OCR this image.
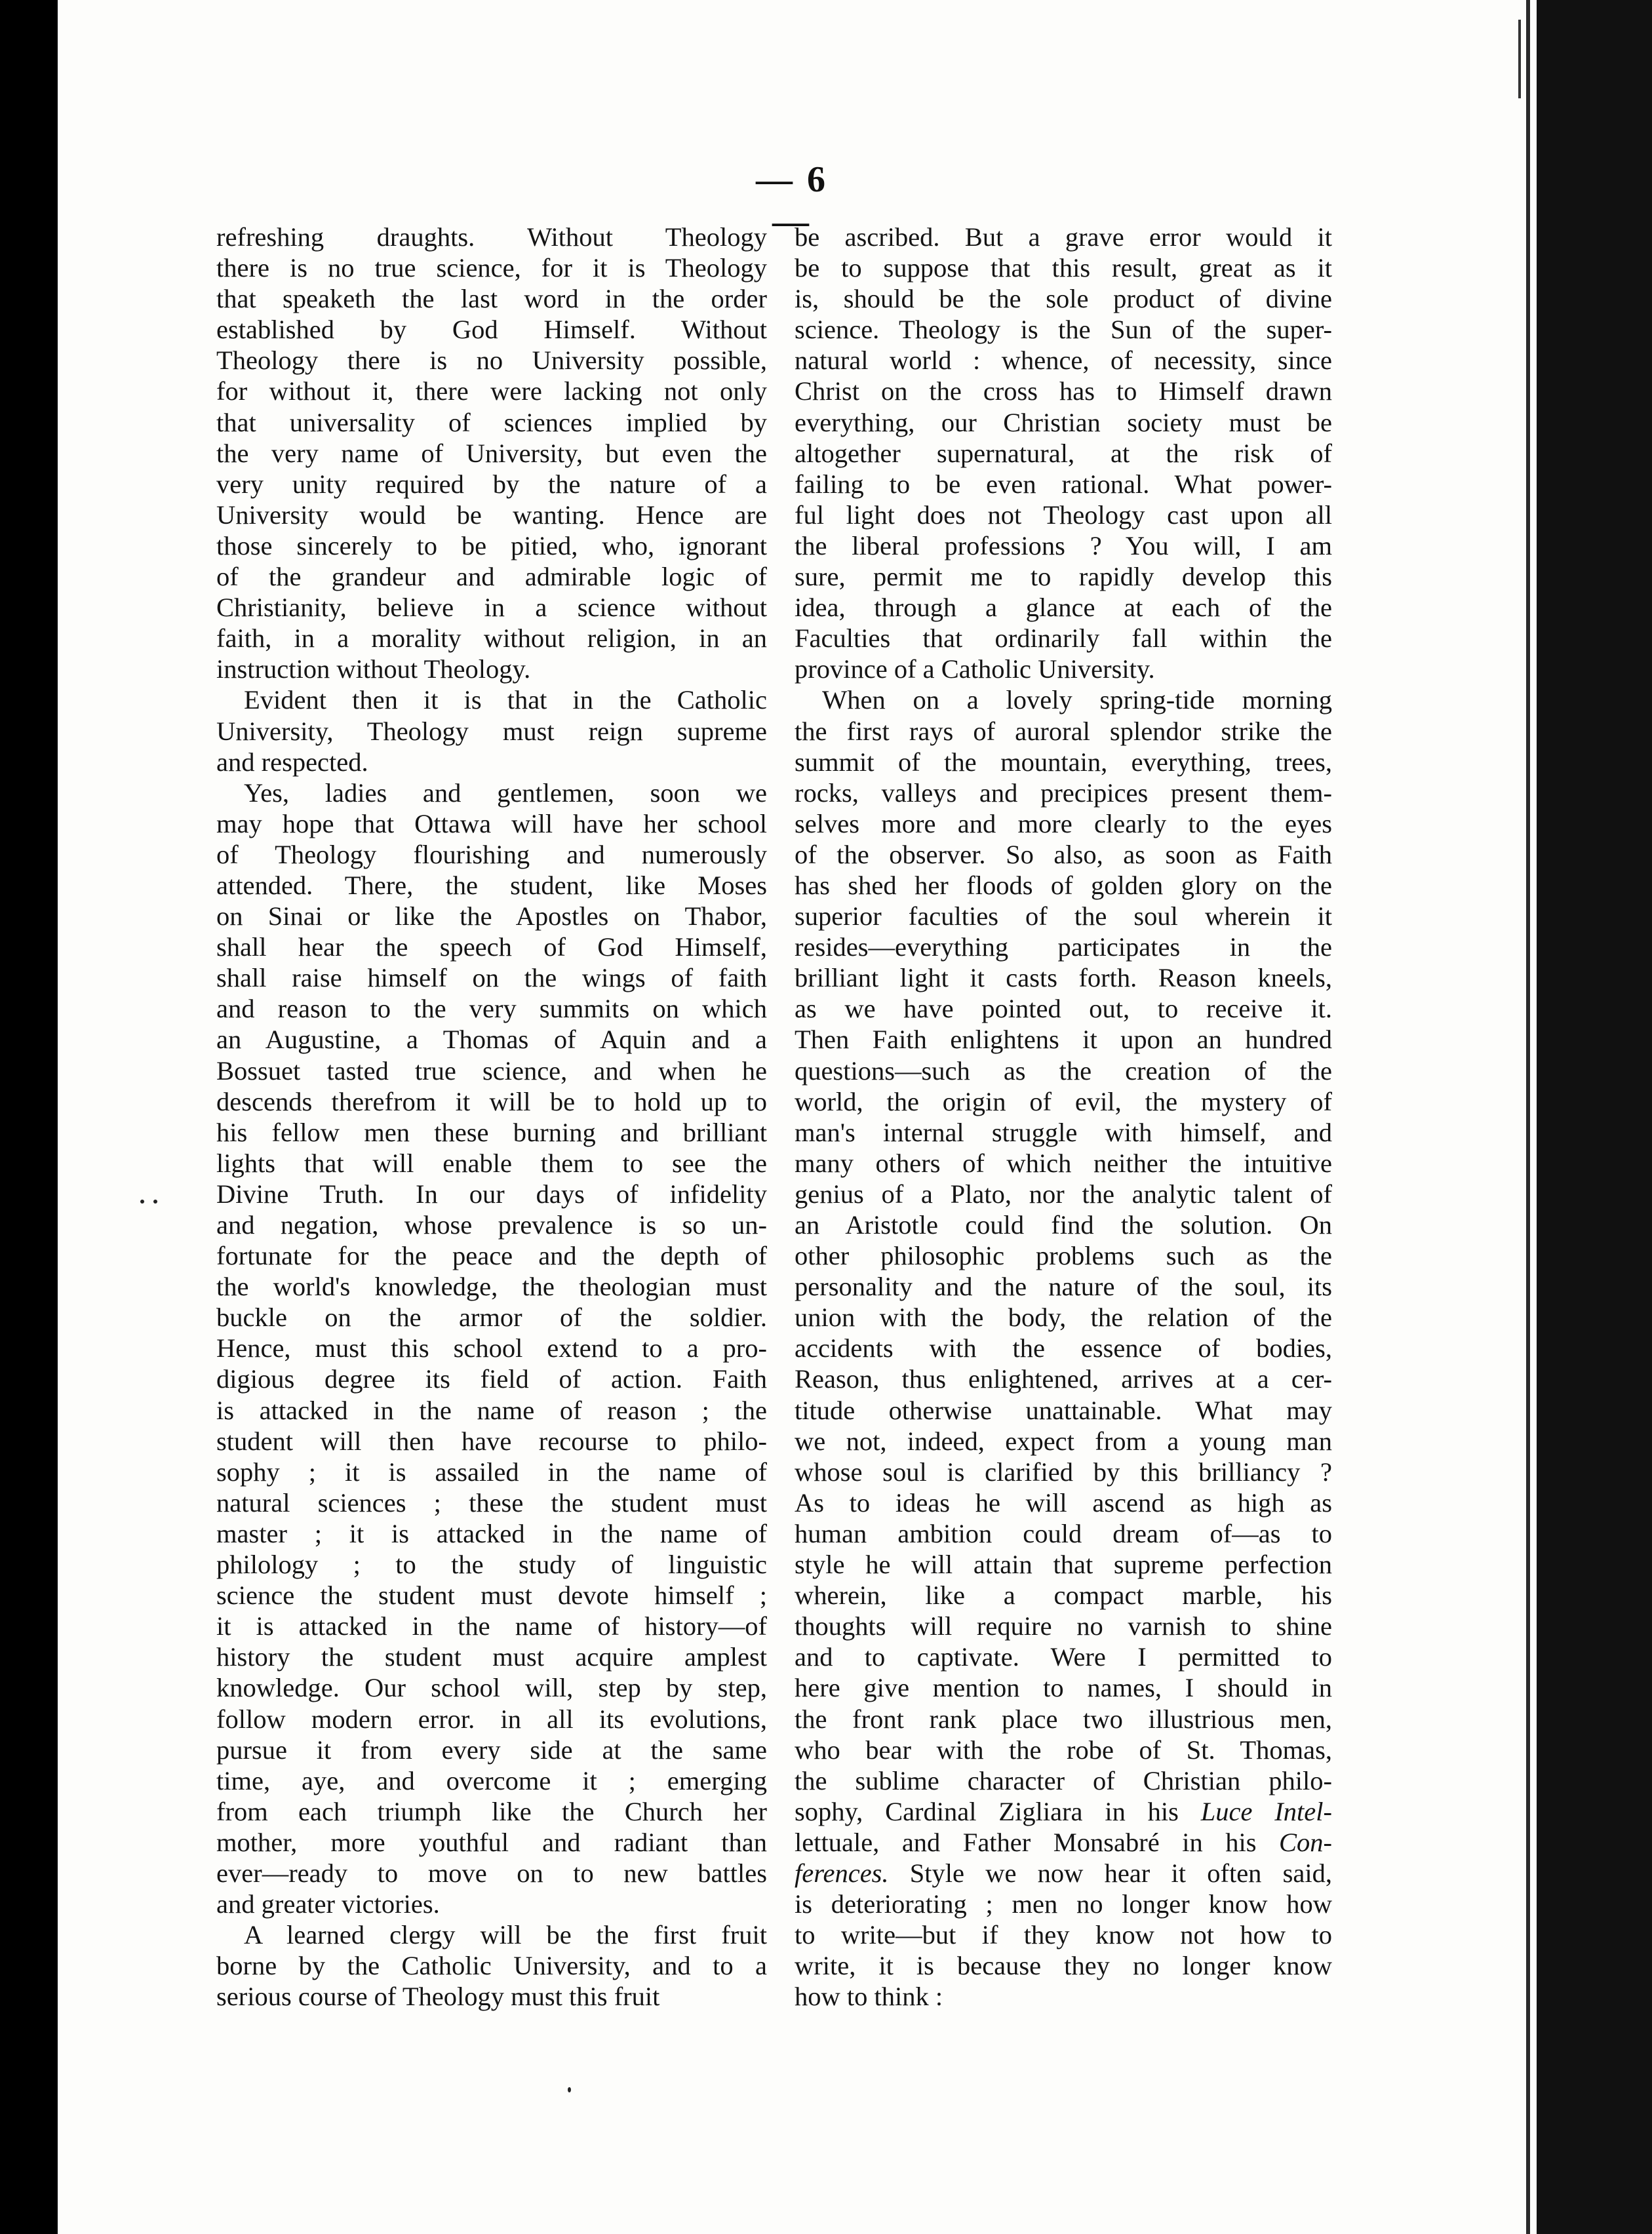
— 6 —
refreshing draughts. Without Theology
there is no true science, for it is Theology
that speaketh the last word in the order
established by God Himself. Without
Theology there is no University possible,
for without it, there were lacking not only
that universality of sciences implied by
the very name of University, but even the
very unity required by the nature of a
University would be wanting. Hence are
those sincerely to be pitied, who, ignorant
of the grandeur and admirable logic of
Christianity, believe in a science without
faith, in a morality without religion, in an
instruction without Theology.
Evident then it is that in the Catholic
University, Theology must reign supreme
and respected.
Yes, ladies and gentlemen, soon we
may hope that Ottawa will have her school
of Theology flourishing and numerously
attended. There, the student, like Moses
on Sinai or like the Apostles on Thabor,
shall hear the speech of God Himself,
shall raise himself on the wings of faith
and reason to the very summits on which
an Augustine, a Thomas of Aquin and a
Bossuet tasted true science, and when he
descends therefrom it will be to hold up to
his fellow men these burning and brilliant
lights that will enable them to see the
Divine Truth. In our days of infidelity
and negation, whose prevalence is so un-
fortunate for the peace and the depth of
the world's knowledge, the theologian must
buckle on the armor of the soldier.
Hence, must this school extend to a pro-
digious degree its field of action. Faith
is attacked in the name of reason ; the
student will then have recourse to philo-
sophy ; it is assailed in the name of
natural sciences ; these the student must
master ; it is attacked in the name of
philology ; to the study of linguistic
science the student must devote himself ;
it is attacked in the name of history—of
history the student must acquire amplest
knowledge. Our school will, step by step,
follow modern error. in all its evolutions,
pursue it from every side at the same
time, aye, and overcome it ; emerging
from each triumph like the Church her
mother, more youthful and radiant than
ever—ready to move on to new battles
and greater victories.
A learned clergy will be the first fruit
borne by the Catholic University, and to a
serious course of Theology must this fruit
be ascribed. But a grave error would it
be to suppose that this result, great as it
is, should be the sole product of divine
science. Theology is the Sun of the super-
natural world : whence, of necessity, since
Christ on the cross has to Himself drawn
everything, our Christian society must be
altogether supernatural, at the risk of
failing to be even rational. What power-
ful light does not Theology cast upon all
the liberal professions ? You will, I am
sure, permit me to rapidly develop this
idea, through a glance at each of the
Faculties that ordinarily fall within the
province of a Catholic University.
When on a lovely spring-tide morning
the first rays of auroral splendor strike the
summit of the mountain, everything, trees,
rocks, valleys and precipices present them-
selves more and more clearly to the eyes
of the observer. So also, as soon as Faith
has shed her floods of golden glory on the
superior faculties of the soul wherein it
resides—everything participates in the
brilliant light it casts forth. Reason kneels,
as we have pointed out, to receive it.
Then Faith enlightens it upon an hundred
questions—such as the creation of the
world, the origin of evil, the mystery of
man's internal struggle with himself, and
many others of which neither the intuitive
genius of a Plato, nor the analytic talent of
an Aristotle could find the solution. On
other philosophic problems such as the
personality and the nature of the soul, its
union with the body, the relation of the
accidents with the essence of bodies,
Reason, thus enlightened, arrives at a cer-
titude otherwise unattainable. What may
we not, indeed, expect from a young man
whose soul is clarified by this brilliancy ?
As to ideas he will ascend as high as
human ambition could dream of—as to
style he will attain that supreme perfection
wherein, like a compact marble, his
thoughts will require no varnish to shine
and to captivate. Were I permitted to
here give mention to names, I should in
the front rank place two illustrious men,
who bear with the robe of St. Thomas,
the sublime character of Christian philo-
sophy, Cardinal Zigliara in his Luce Intel-
lettuale, and Father Monsabré in his Con-
ferences. Style we now hear it often said,
is deteriorating ; men no longer know how
to write—but if they know not how to
write, it is because they no longer know
how to think :
